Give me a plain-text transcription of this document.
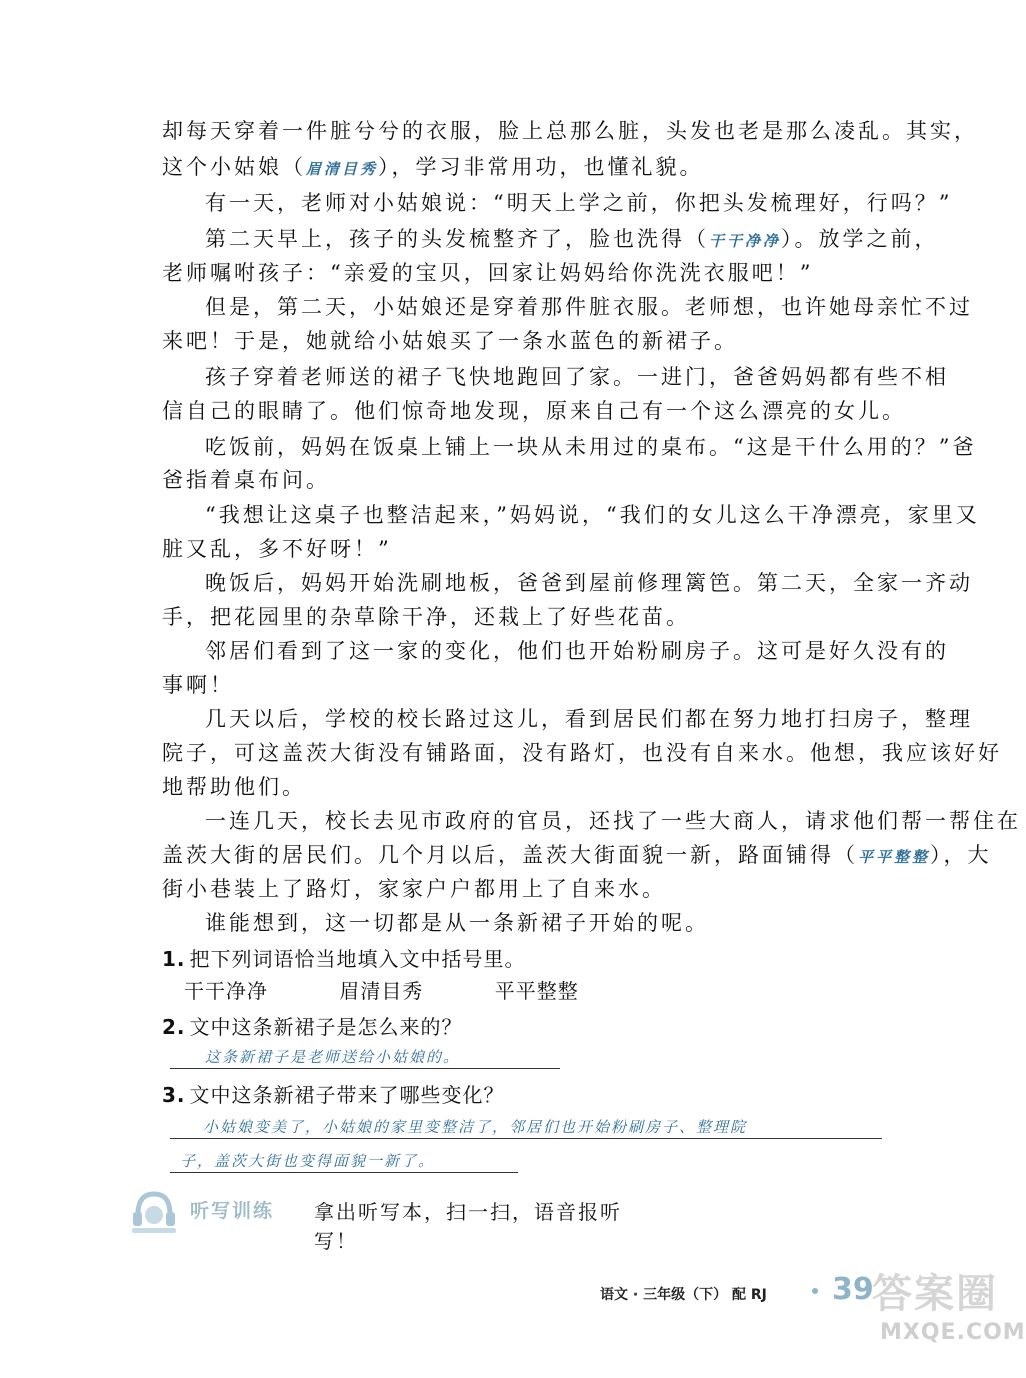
却每天穿着一件脏兮兮的衣服，脸上总那么脏，头发也老是那么凌乱。其实，
这个小姑娘（眉清目秀），学习非常用功，也懂礼貌。
有一天，老师对小姑娘说：“明天上学之前，你把头发梳理好，行吗？”
第二天早上，孩子的头发梳整齐了，脸也洗得（干干净净）。放学之前，
老师嘱咐孩子：“亲爱的宝贝，回家让妈妈给你洗洗衣服吧！”
但是，第二天，小姑娘还是穿着那件脏衣服。老师想，也许她母亲忙不过
来吧！于是，她就给小姑娘买了一条水蓝色的新裙子。
孩子穿着老师送的裙子飞快地跑回了家。一进门，爸爸妈妈都有些不相
信自己的眼睛了。他们惊奇地发现，原来自己有一个这么漂亮的女儿。
吃饭前，妈妈在饭桌上铺上一块从未用过的桌布。“这是干什么用的？”爸
爸指着桌布问。
“我想让这桌子也整洁起来，”妈妈说，“我们的女儿这么干净漂亮，家里又
脏又乱，多不好呀！”
晚饭后，妈妈开始洗刷地板，爸爸到屋前修理篱笆。第二天，全家一齐动
手，把花园里的杂草除干净，还栽上了好些花苗。
邻居们看到了这一家的变化，他们也开始粉刷房子。这可是好久没有的
事啊！
几天以后，学校的校长路过这儿，看到居民们都在努力地打扫房子，整理
院子，可这盖茨大街没有铺路面，没有路灯，也没有自来水。他想，我应该好好
地帮助他们。
一连几天，校长去见市政府的官员，还找了一些大商人，请求他们帮一帮住在
盖茨大街的居民们。几个月以后，盖茨大街面貌一新，路面铺得（平平整整），大
街小巷装上了路灯，家家户户都用上了自来水。
谁能想到，这一切都是从一条新裙子开始的呢。
1. 把下列词语恰当地填入文中括号里。
干干净净	眉清目秀	平平整整
2. 文中这条新裙子是怎么来的？
这条新裙子是老师送给小姑娘的。
3. 文中这条新裙子带来了哪些变化？
小姑娘变美了，小姑娘的家里变整洁了，邻居们也开始粉刷房子、整理院
子，盖茨大街也变得面貌一新了。
听写训练 拿出听写本，扫一扫，语音报听写！
语文 · 三年级（下） 配 RJ 39
答案圈
MXQE.COM
